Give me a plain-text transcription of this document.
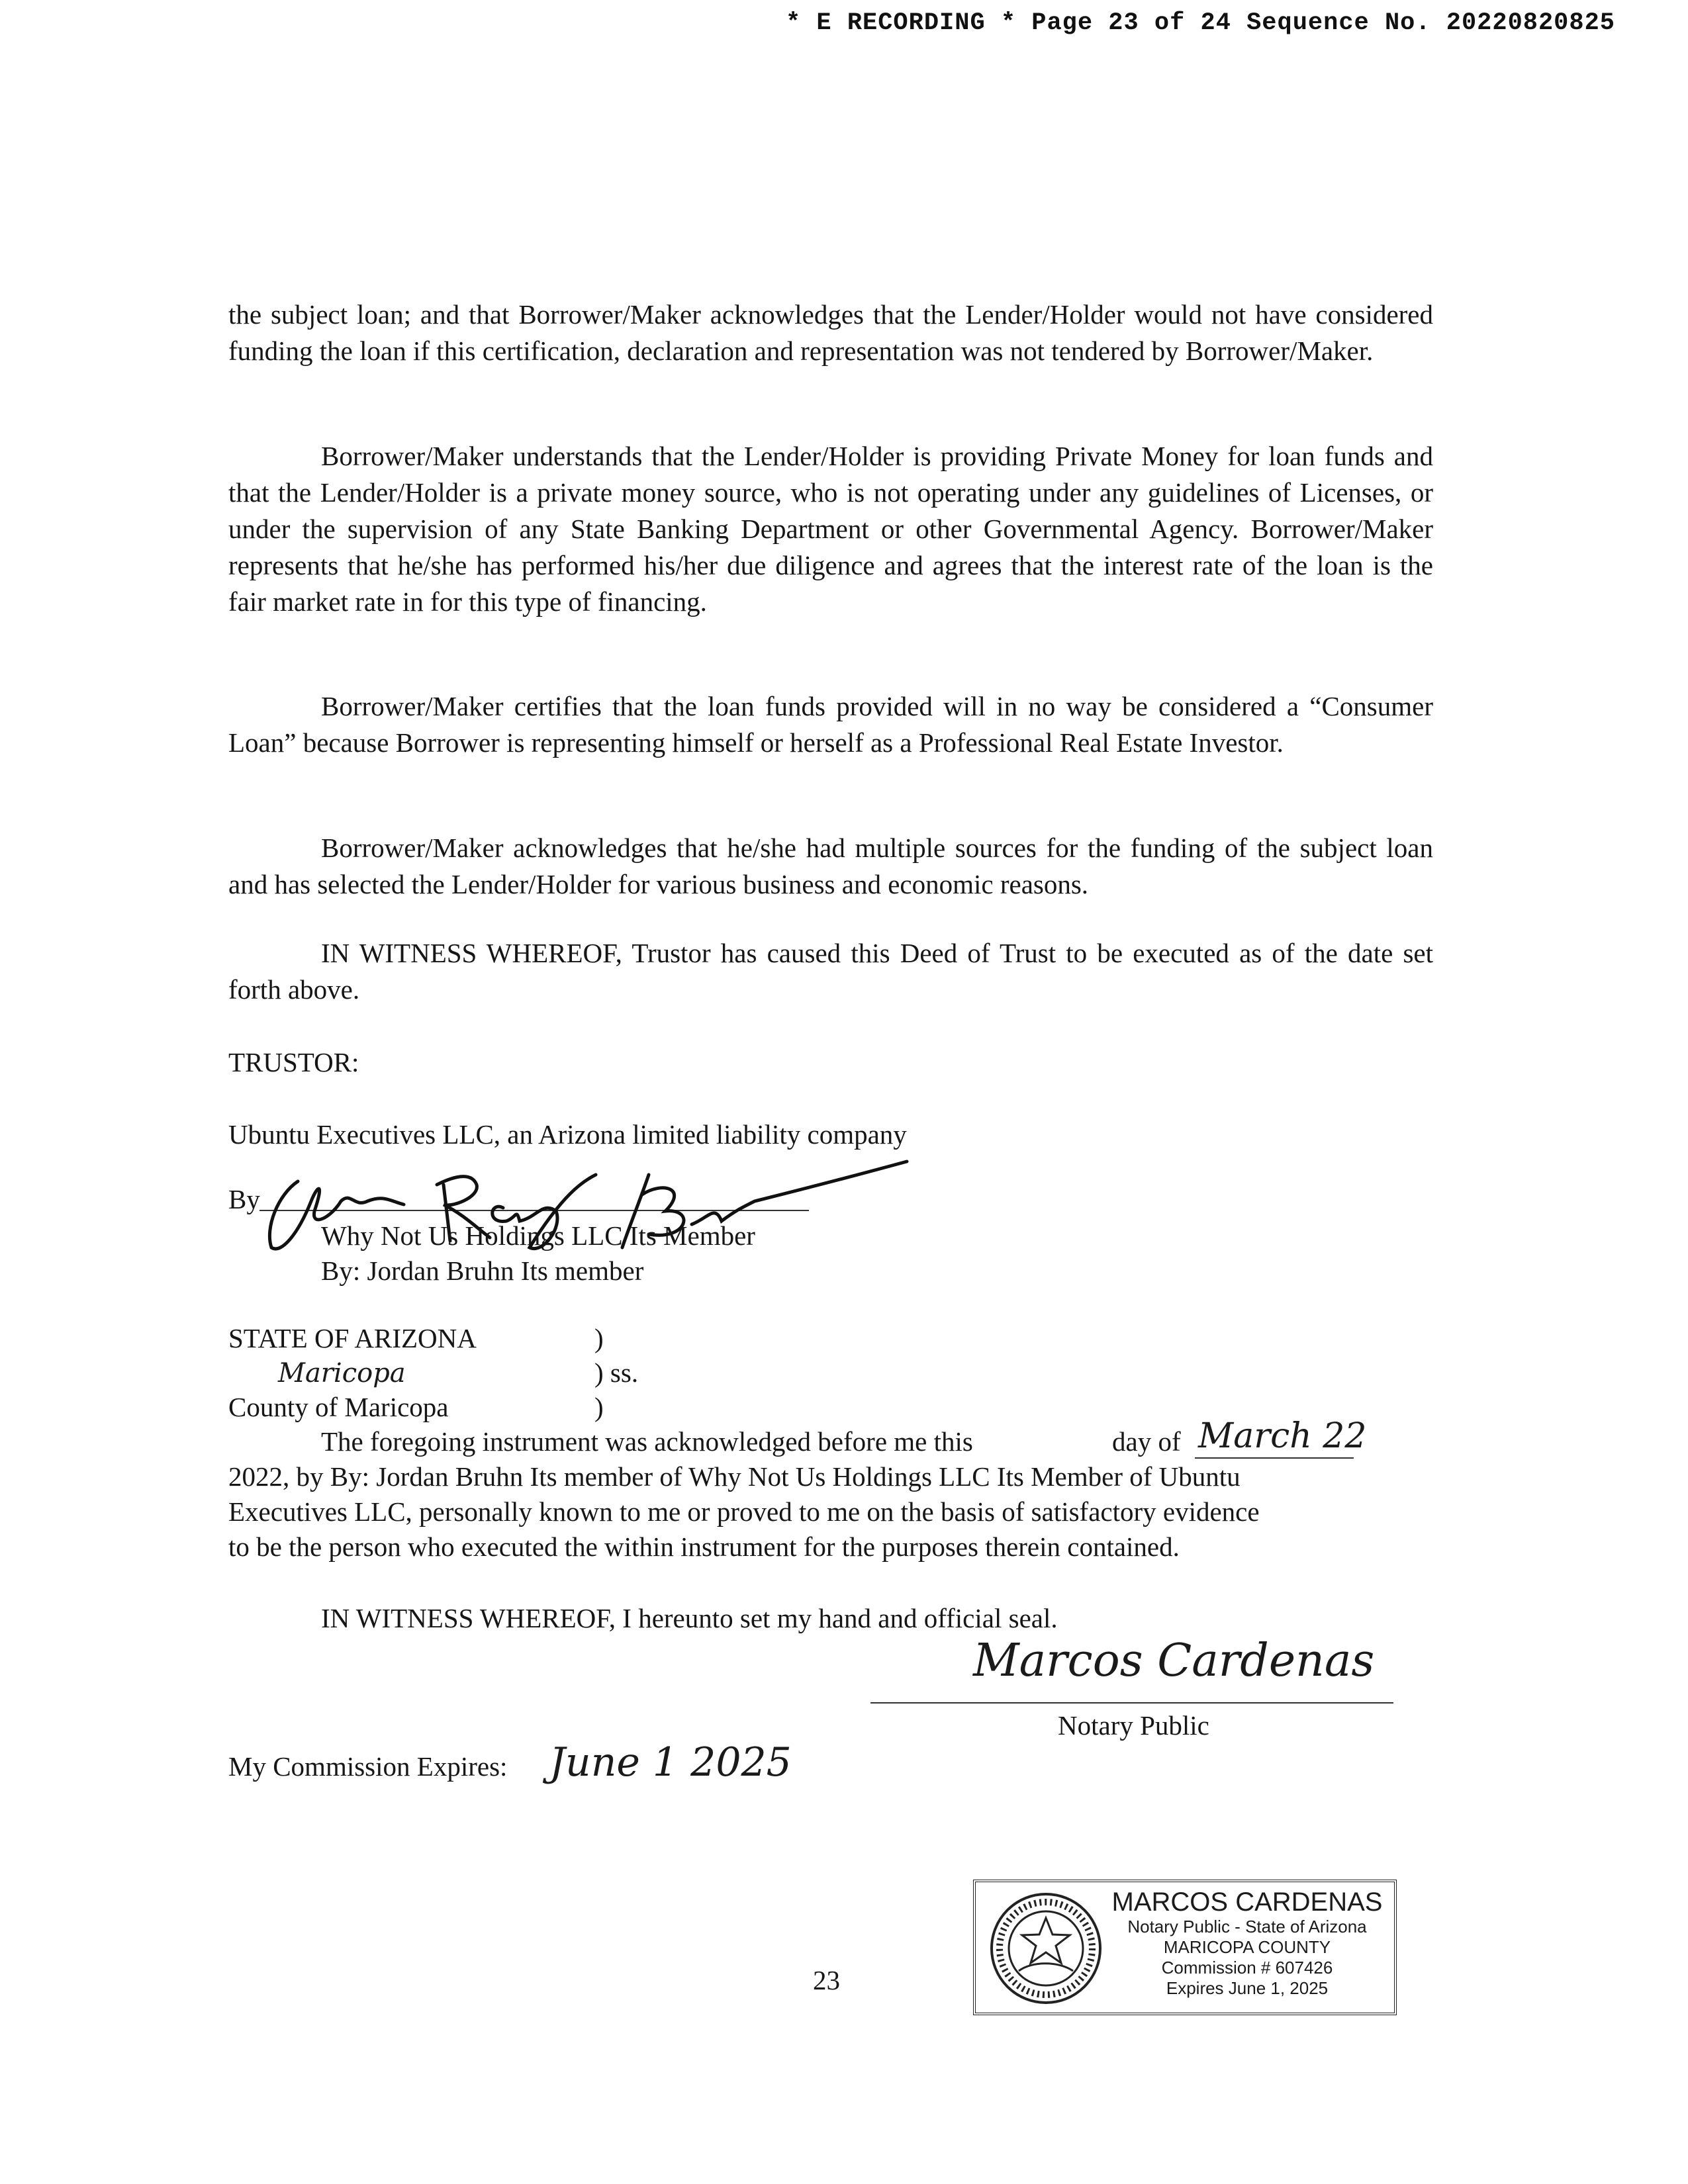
* E RECORDING * Page 23 of 24 Sequence No. 20220820825

the subject loan; and that Borrower/Maker acknowledges that the Lender/Holder would not have considered funding the loan if this certification, declaration and representation was not tendered by Borrower/Maker.

Borrower/Maker understands that the Lender/Holder is providing Private Money for loan funds and that the Lender/Holder is a private money source, who is not operating under any guidelines of Licenses, or under the supervision of any State Banking Department or other Governmental Agency. Borrower/Maker represents that he/she has performed his/her due diligence and agrees that the interest rate of the loan is the fair market rate in for this type of financing.

Borrower/Maker certifies that the loan funds provided will in no way be considered a “Consumer Loan” because Borrower is representing himself or herself as a Professional Real Estate Investor.

Borrower/Maker acknowledges that he/she had multiple sources for the funding of the subject loan and has selected the Lender/Holder for various business and economic reasons.

IN WITNESS WHEREOF, Trustor has caused this Deed of Trust to be executed as of the date set forth above.

TRUSTOR:
Ubuntu Executives LLC, an Arizona limited liability company
By
Why Not Us Holdings LLC Its Member
By: Jordan Bruhn Its member
STATE OF ARIZONA	)
Maricopa	) ss.
County of Maricopa	)
The foregoing instrument was acknowledged before me this	day of March 22
2022, by By: Jordan Bruhn Its member of Why Not Us Holdings LLC Its Member of Ubuntu
Executives LLC, personally known to me or proved to me on the basis of satisfactory evidence
to be the person who executed the within instrument for the purposes therein contained.
IN WITNESS WHEREOF, I hereunto set my hand and official seal.
Marcos Cardenas
Notary Public
My Commission Expires: June 1 2025
MARCOS CARDENAS
Notary Public - State of Arizona
MARICOPA COUNTY
Commission # 607426
Expires June 1, 2025
23
